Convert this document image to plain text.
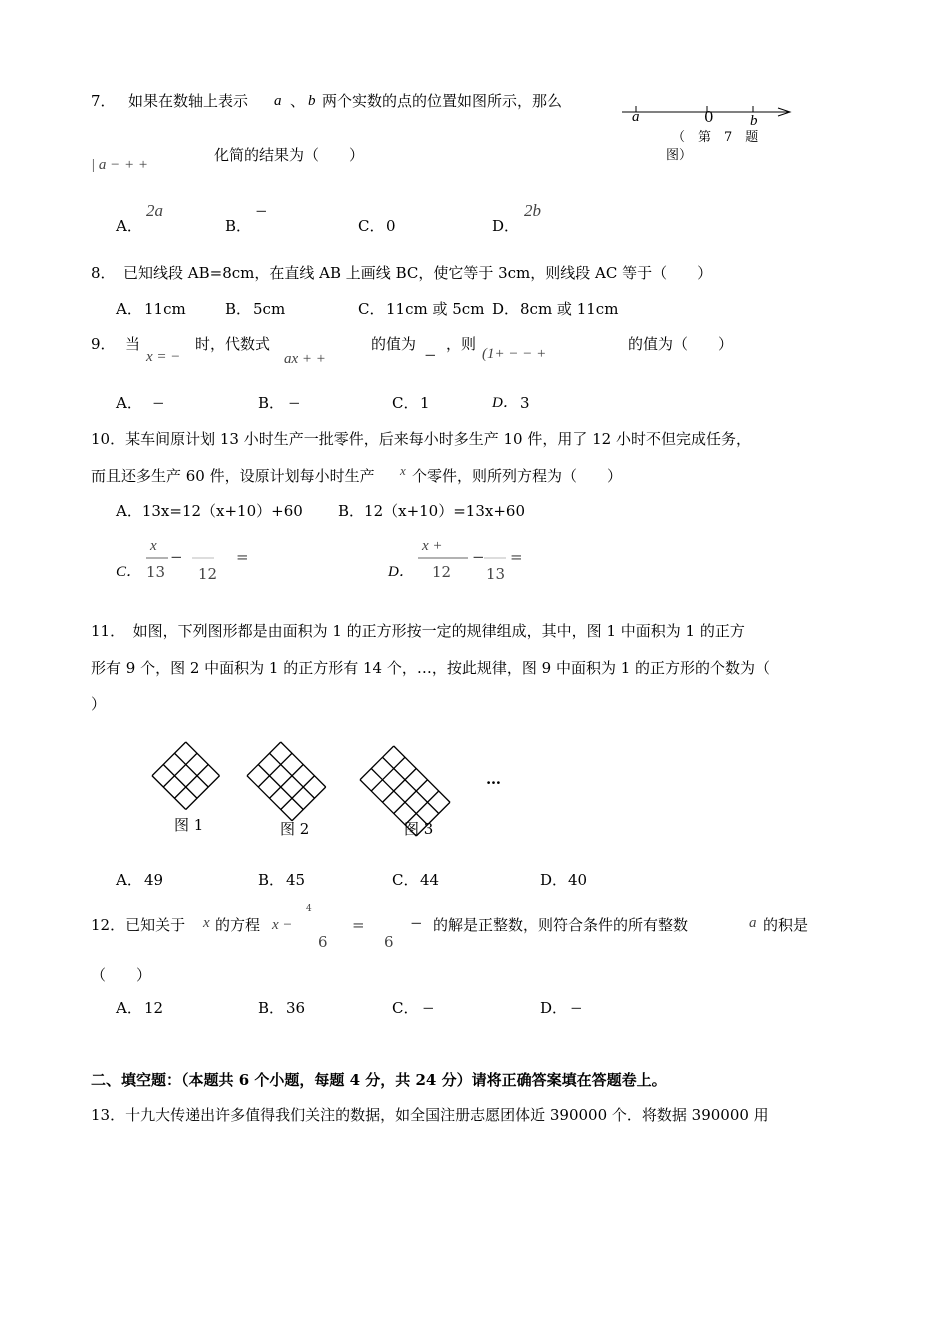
7． 如果在数轴上表示 a 、 b 两个实数的点的位置如图所示，那么
a	0 b
（　第　7　题
图）
| a − + +
化简的结果为（　　）
A．
2a
B．
−
C． 0	D．
2b
8．　已知线段 AB=8cm，在直线 AB 上画线 BC，使它等于 3cm，则线段 AC 等于（　　）
A． 11cm	B． 5cm	C． 11cm 或 5cm D． 8cm 或 11cm
9． 当
x = −
时，代数式
ax + +
的值为
−
，则
(1+ − − +
的值为（　　）
A． −	B． −	C． 1	D． 3
10．某车间原计划 13 小时生产一批零件，后来每小时多生产 10 件，用了 12 小时不但完成任务，
而且还多生产 60 件，设原计划每小时生产 x 个零件，则所列方程为（　　）
A．13x=12（x+10）+60 B．12（x+10）=13x+60
C．
x
13
−
12
=
D．
x +
12
−
13
=
11．　如图，下列图形都是由面积为 1 的正方形按一定的规律组成，其中，图 1 中面积为 1 的正方
形有 9 个，图 2 中面积为 1 的正方形有 14 个，…，按此规律，图 9 中面积为 1 的正方形的个数为（
）
图 1	图 2	图 3
…
A． 49	B． 45	C． 44	D． 40
12．已知关于 x 的方程 x −
4
6
=
6
− 的解是正整数，则符合条件的所有整数	a 的积是
（　　）
A． 12	B． 36	C． −	D． −
二、填空题：（本题共 6 个小题，每题 4 分，共 24 分）请将正确答案填在答题卷上。
13．十九大传递出许多值得我们关注的数据，如全国注册志愿团体近 390000 个．将数据 390000 用
